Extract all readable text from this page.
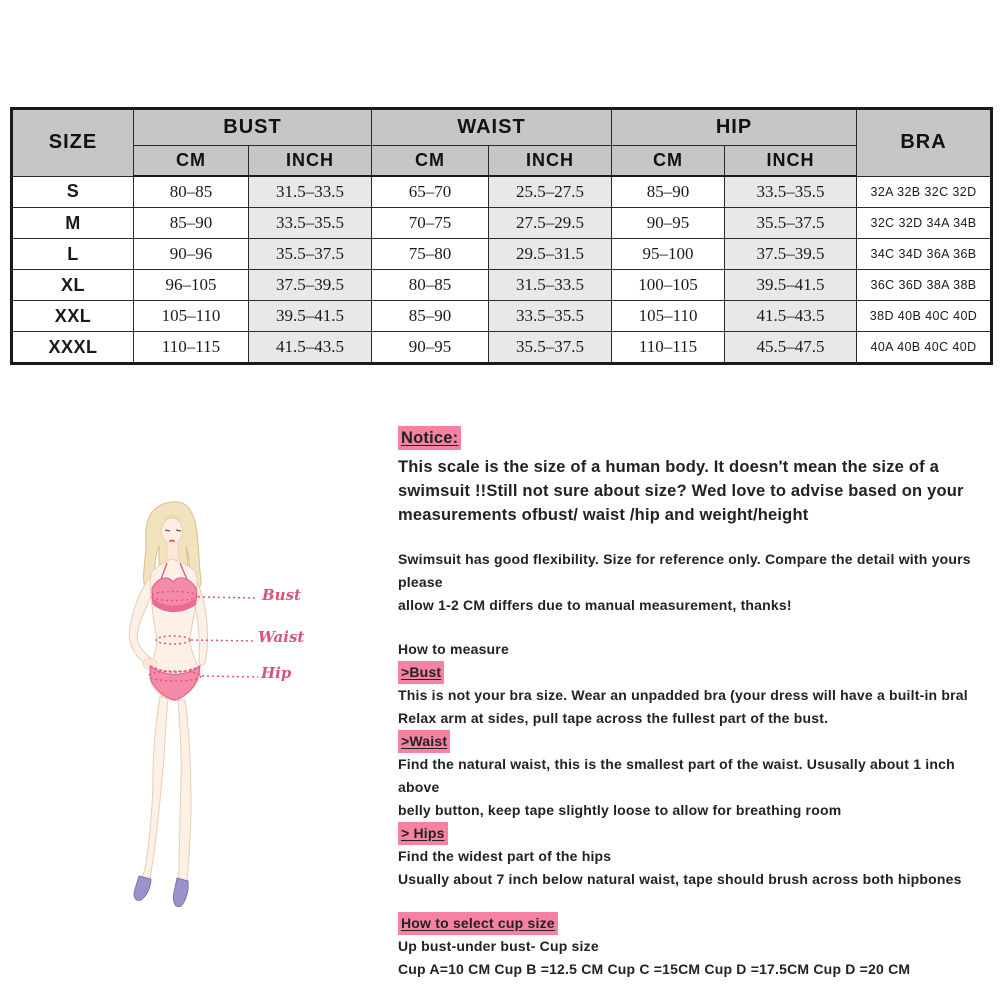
SIZE	BUST		WAIST		HIP		BRA
	CM	INCH	CM	INCH	CM	INCH	
S	80–85	31.5–33.5	65–70	25.5–27.5	85–90	33.5–35.5	32A 32B 32C 32D
M	85–90	33.5–35.5	70–75	27.5–29.5	90–95	35.5–37.5	32C 32D 34A 34B
L	90–96	35.5–37.5	75–80	29.5–31.5	95–100	37.5–39.5	34C 34D 36A 36B
XL	96–105	37.5–39.5	80–85	31.5–33.5	100–105	39.5–41.5	36C 36D 38A 38B
XXL	105–110	39.5–41.5	85–90	33.5–35.5	105–110	41.5–43.5	38D 40B 40C 40D
XXXL	110–115	41.5–43.5	90–95	35.5–37.5	110–115	45.5–47.5	40A 40B 40C 40D
Bust
Waist
Hip
Notice:
This scale is the size of a human body. It doesn't mean the size of a
swimsuit !!Still not sure about size? Wed love to advise based on your
measurements ofbust/ waist /hip and weight/height
Swimsuit has good flexibility. Size for reference only. Compare the detail with yours please
allow 1-2 CM differs due to manual measurement, thanks!
How to measure
>Bust
This is not your bra size. Wear an unpadded bra (your dress will have a built-in bral
Relax arm at sides, pull tape across the fullest part of the bust.
>Waist
Find the natural waist, this is the smallest part of the waist. Ususally about 1 inch above
belly button, keep tape slightly loose to allow for breathing room
> Hips
Find the widest part of the hips
Usually about 7 inch below natural waist, tape should brush across both hipbones
How to select cup size
Up bust-under bust- Cup size
Cup A=10 CM Cup B =12.5 CM Cup C =15CM Cup D =17.5CM Cup D =20 CM
